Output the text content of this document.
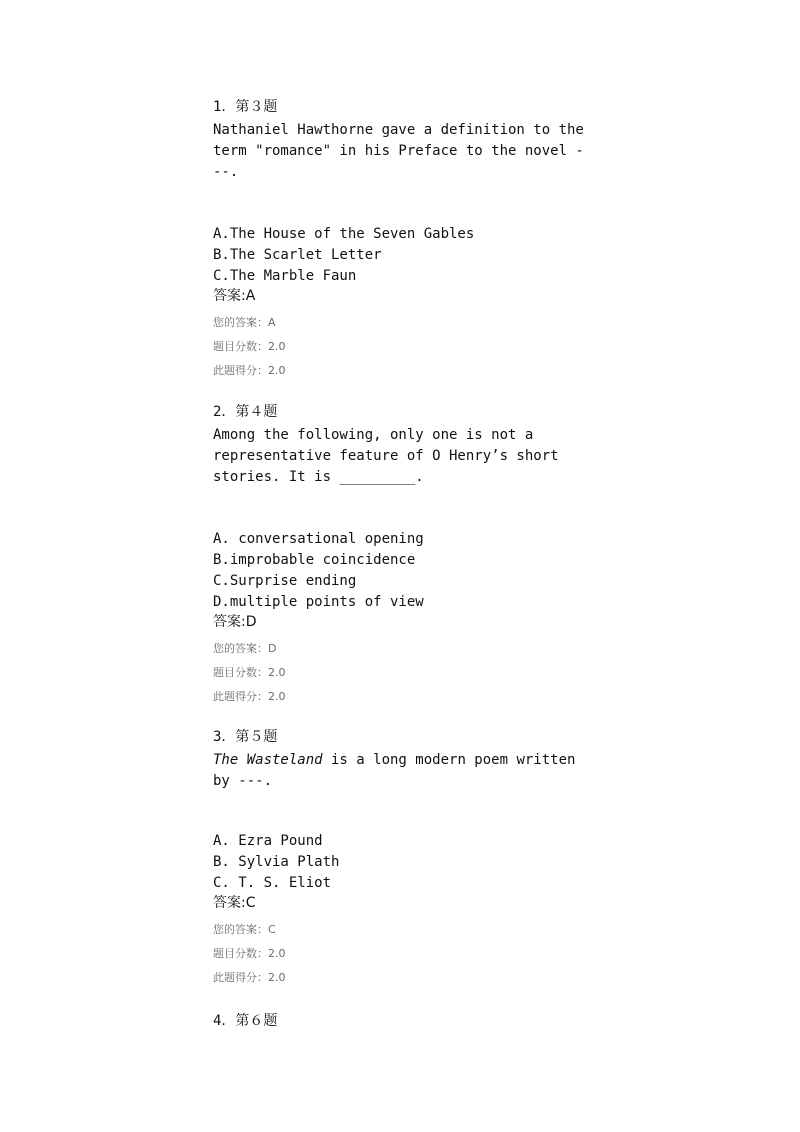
1．第３题
Nathaniel Hawthorne gave a definition to the term "romance" in his Preface to the novel ---.
A.The House of the Seven Gables
B.The Scarlet Letter
C.The Marble Faun
答案:A
您的答案：A
题目分数：2.0
此题得分：2.0
2．第４题
Among the following, only one is not a representative feature of O Henry’s short stories. It is _________.
A. conversational opening
B.improbable coincidence
C.Surprise ending
D.multiple points of view
答案:D
您的答案：D
题目分数：2.0
此题得分：2.0
3．第５题
The Wasteland is a long modern poem written by ---.
A. Ezra Pound
B. Sylvia Plath
C. T. S. Eliot
答案:C
您的答案：C
题目分数：2.0
此题得分：2.0
4．第６题
